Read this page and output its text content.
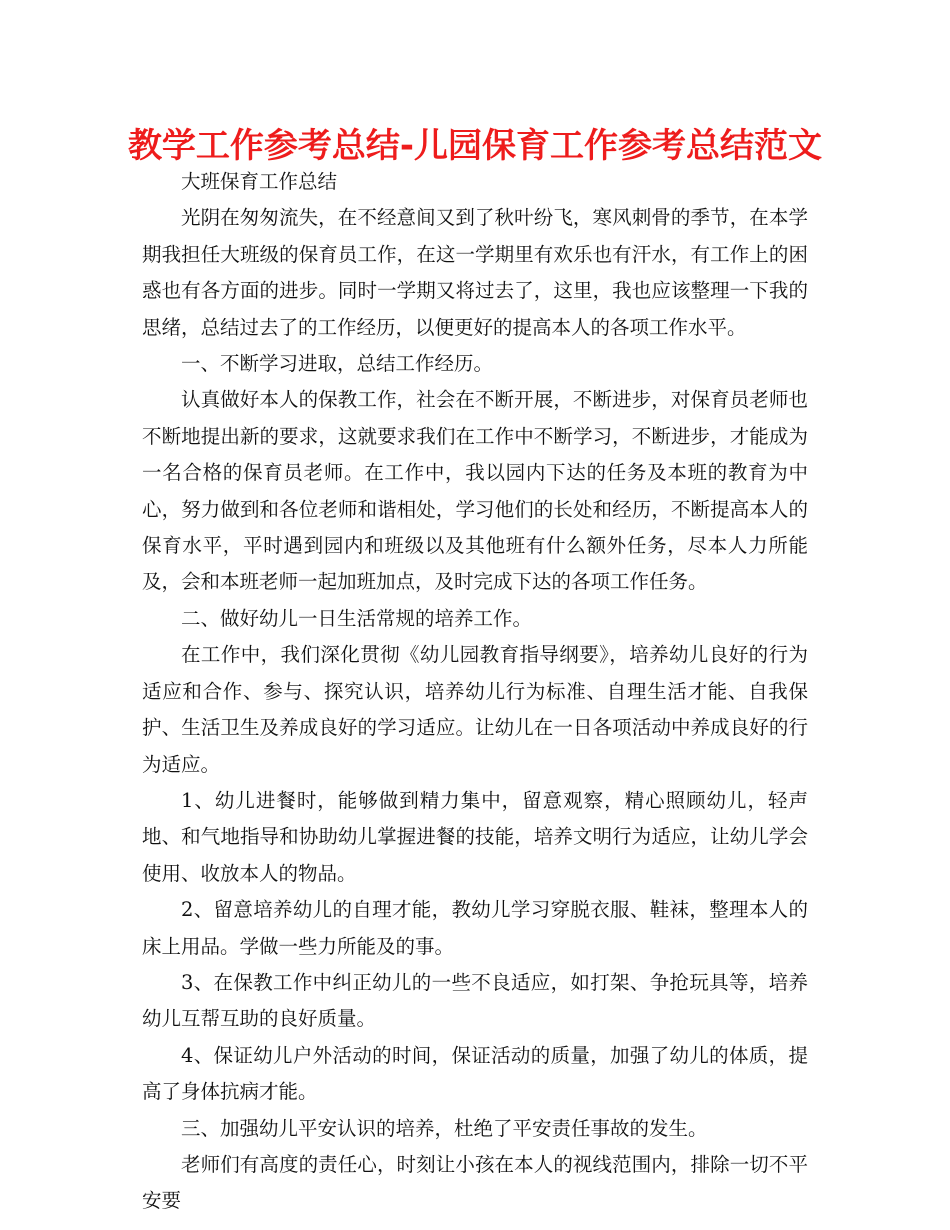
教学工作参考总结-儿园保育工作参考总结范文

大班保育工作总结

光阴在匆匆流失，在不经意间又到了秋叶纷飞，寒风刺骨的季节，在本学期我担任大班级的保育员工作，在这一学期里有欢乐也有汗水，有工作上的困惑也有各方面的进步。同时一学期又将过去了，这里，我也应该整理一下我的思绪，总结过去了的工作经历，以便更好的提高本人的各项工作水平。

一、不断学习进取，总结工作经历。

认真做好本人的保教工作，社会在不断开展，不断进步，对保育员老师也不断地提出新的要求，这就要求我们在工作中不断学习，不断进步，才能成为一名合格的保育员老师。在工作中，我以园内下达的任务及本班的教育为中心，努力做到和各位老师和谐相处，学习他们的长处和经历，不断提高本人的保育水平，平时遇到园内和班级以及其他班有什么额外任务，尽本人力所能及，会和本班老师一起加班加点，及时完成下达的各项工作任务。

二、做好幼儿一日生活常规的培养工作。

在工作中，我们深化贯彻《幼儿园教育指导纲要》，培养幼儿良好的行为适应和合作、参与、探究认识，培养幼儿行为标准、自理生活才能、自我保护、生活卫生及养成良好的学习适应。让幼儿在一日各项活动中养成良好的行为适应。

1、幼儿进餐时，能够做到精力集中，留意观察，精心照顾幼儿，轻声地、和气地指导和协助幼儿掌握进餐的技能，培养文明行为适应，让幼儿学会使用、收放本人的物品。

2、留意培养幼儿的自理才能，教幼儿学习穿脱衣服、鞋袜，整理本人的床上用品。学做一些力所能及的事。

3、在保教工作中纠正幼儿的一些不良适应，如打架、争抢玩具等，培养幼儿互帮互助的良好质量。

4、保证幼儿户外活动的时间，保证活动的质量，加强了幼儿的体质，提高了身体抗病才能。

三、加强幼儿平安认识的培养，杜绝了平安责任事故的发生。

老师们有高度的责任心，时刻让小孩在本人的视线范围内，排除一切不平安要
